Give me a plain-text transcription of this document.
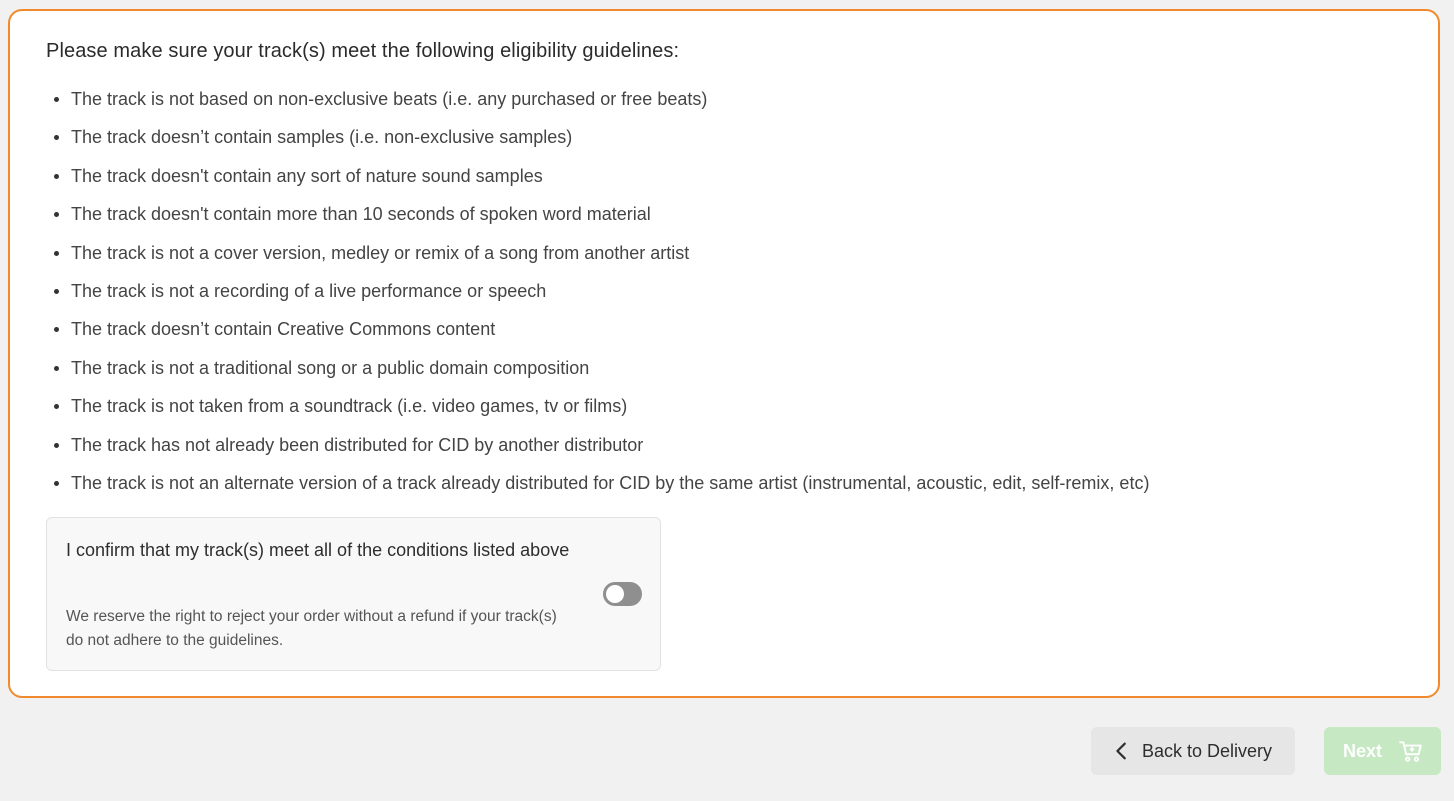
Please make sure your track(s) meet the following eligibility guidelines:
The track is not based on non-exclusive beats (i.e. any purchased or free beats)
The track doesn’t contain samples (i.e. non-exclusive samples)
The track doesn't contain any sort of nature sound samples
The track doesn't contain more than 10 seconds of spoken word material
The track is not a cover version, medley or remix of a song from another artist
The track is not a recording of a live performance or speech
The track doesn’t contain Creative Commons content
The track is not a traditional song or a public domain composition
The track is not taken from a soundtrack (i.e. video games, tv or films)
The track has not already been distributed for CID by another distributor
The track is not an alternate version of a track already distributed for CID by the same artist (instrumental, acoustic, edit, self-remix, etc)

I confirm that my track(s) meet all of the conditions listed above

We reserve the right to reject your order without a refund if your track(s) do not adhere to the guidelines.

Back to Delivery	Next
